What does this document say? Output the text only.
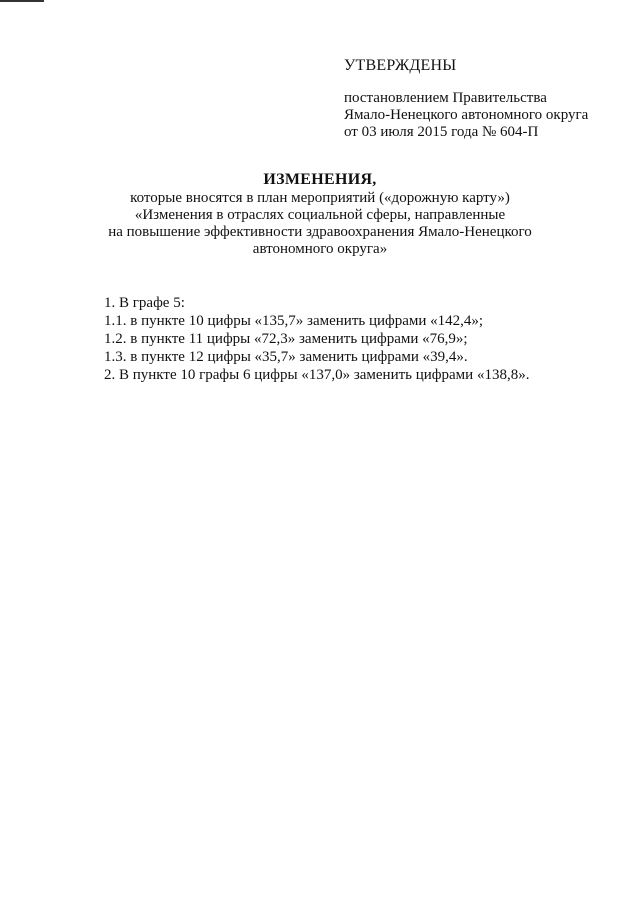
УТВЕРЖДЕНЫ
постановлением Правительства
Ямало-Ненецкого автономного округа
от 03 июля 2015 года № 604-П
ИЗМЕНЕНИЯ,
которые вносятся в план мероприятий («дорожную карту»)
«Изменения в отраслях социальной сферы, направленные
на повышение эффективности здравоохранения Ямало-Ненецкого
автономного округа»
1. В графе 5:
1.1. в пункте 10 цифры «135,7» заменить цифрами «142,4»;
1.2. в пункте 11 цифры «72,3» заменить цифрами «76,9»;
1.3. в пункте 12 цифры «35,7» заменить цифрами «39,4».
2. В пункте 10 графы 6 цифры «137,0» заменить цифрами «138,8».
